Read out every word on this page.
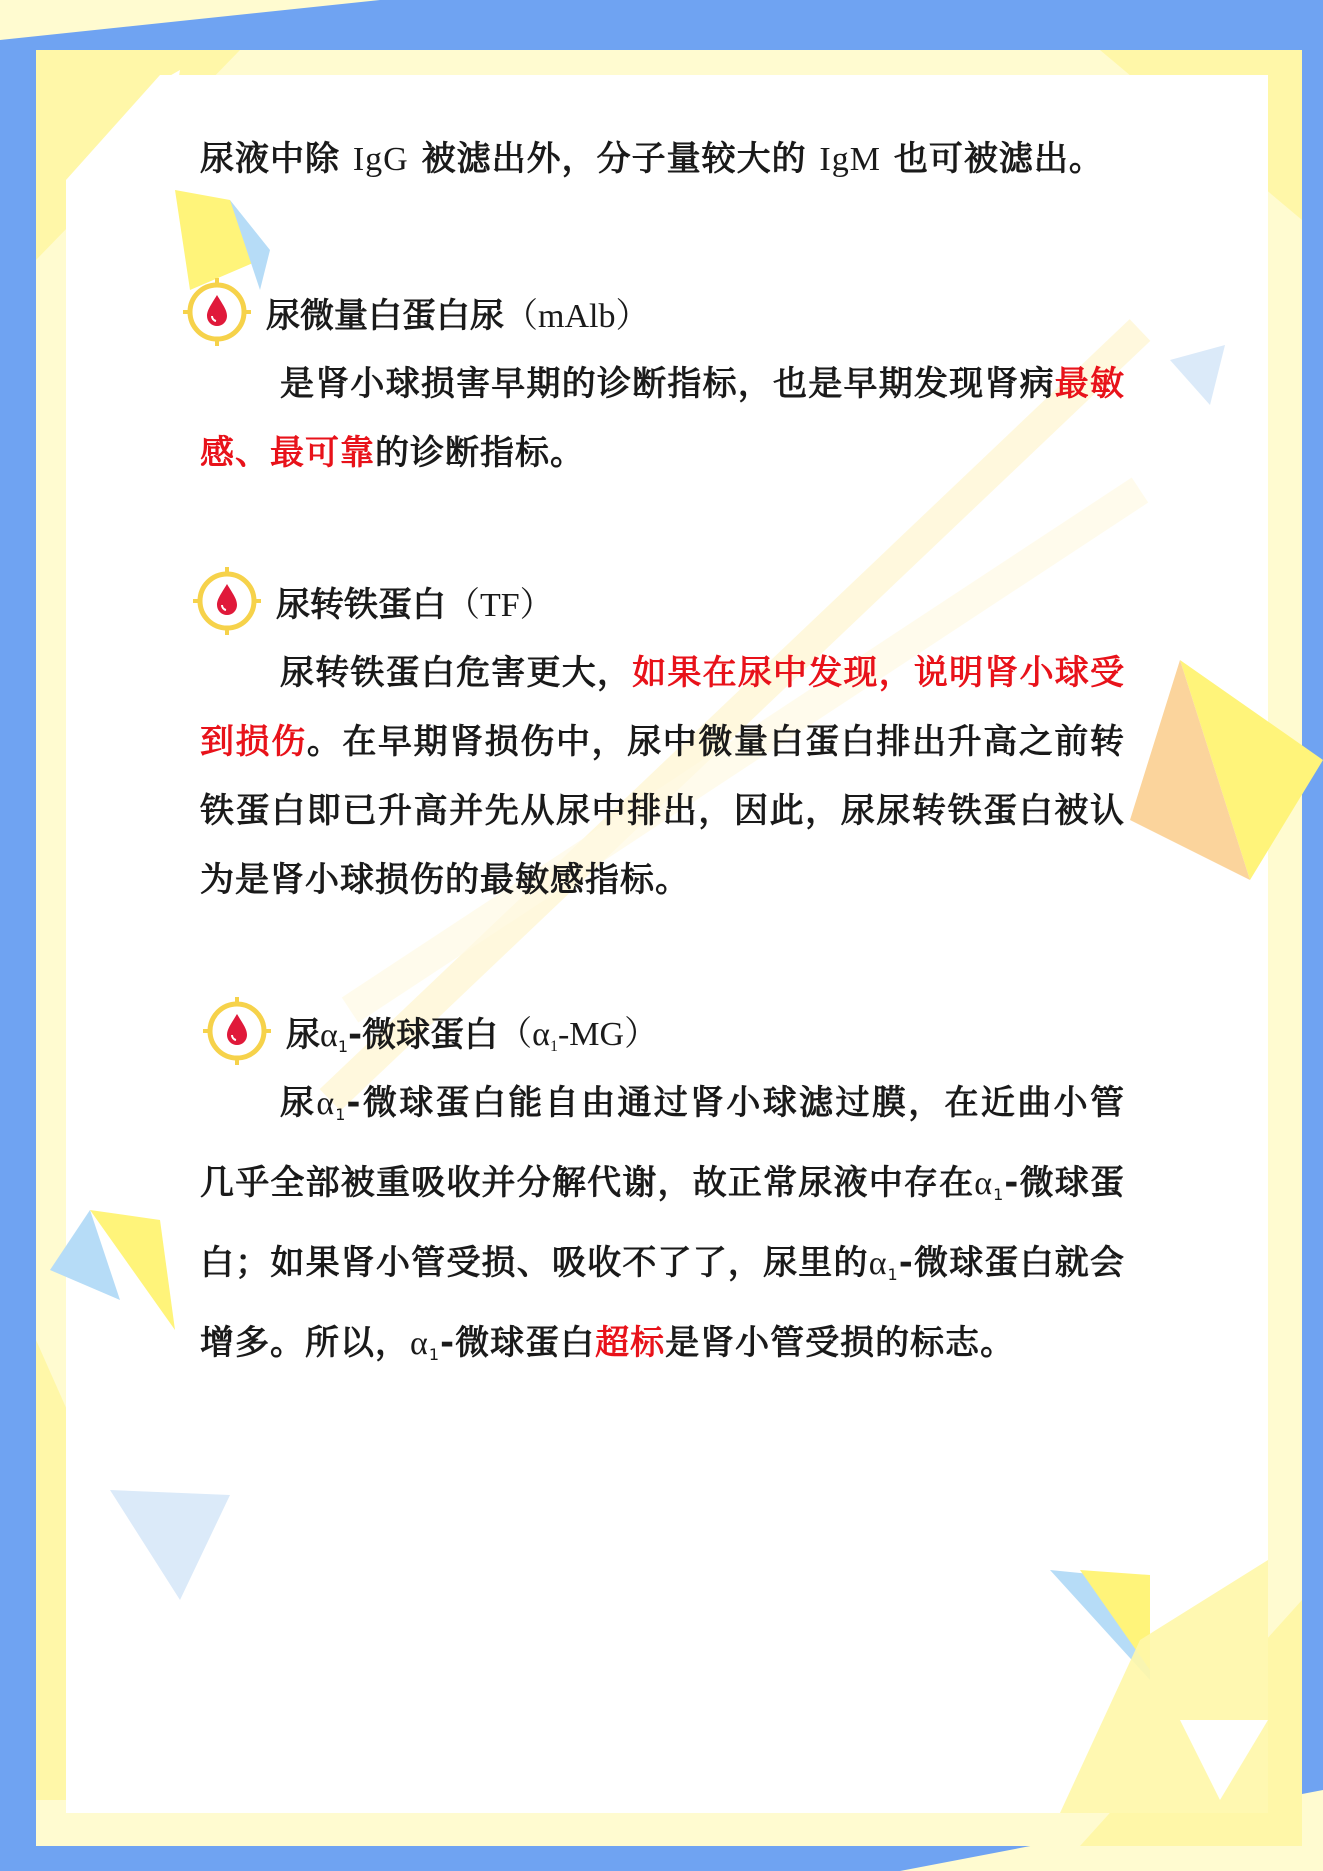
尿液中除 IgG 被滤出外，分子量较大的 IgM 也可被滤出。

尿微量白蛋白尿 （mAlb）

是肾小球损害早期的诊断指标，也是早期发现肾病最敏感、最可靠的诊断指标。

尿转铁蛋白 （TF）

尿转铁蛋白危害更大，如果在尿中发现，说明肾小球受到损伤。在早期肾损伤中，尿中微量白蛋白排出升高之前转铁蛋白即已升高并先从尿中排出，因此，尿尿转铁蛋白被认为是肾小球损伤的最敏感指标。

尿$\alpha_1-$微球蛋白 $(\alpha_1-MG)$

尿$\alpha_1-$微球蛋白能自由通过肾小球滤过膜，在近曲小管几乎全部被重吸收并分解代谢，故正常尿液中存在$\alpha_1-$微球蛋白；如果肾小管受损、吸收不了了，尿里的$\alpha_1-$微球蛋白就会增多。所以，$\alpha_1-$微球蛋白超标是肾小管受损的标志。
